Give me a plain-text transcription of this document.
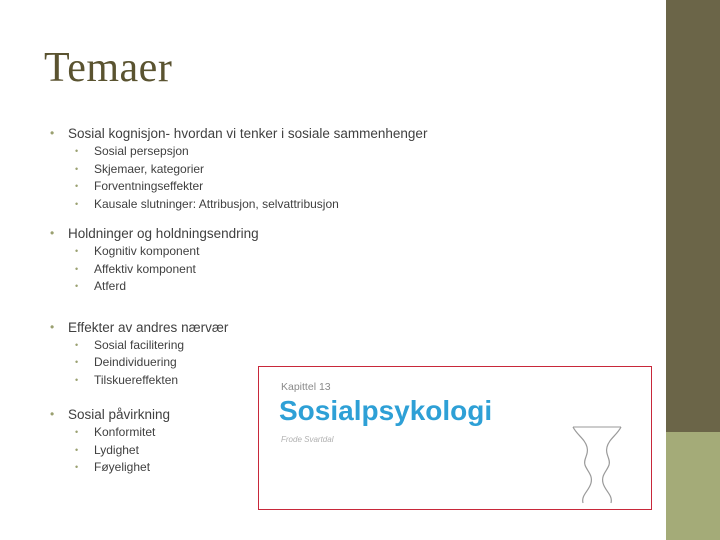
Temaer
• Sosial kognisjon- hvordan vi tenker i sosiale sammenhenger
• Sosial persepsjon
• Skjemaer, kategorier
• Forventningseffekter
• Kausale slutninger: Attribusjon, selvattribusjon
• Holdninger og holdningsendring
• Kognitiv komponent
• Affektiv komponent
• Atferd
• Effekter av andres nærvær
• Sosial facilitering
• Deindividuering
• Tilskuereffekten
• Sosial påvirkning
• Konformitet
• Lydighet
• Føyelighet
Kapittel 13
Sosialpsykologi
Frode Svartdal
